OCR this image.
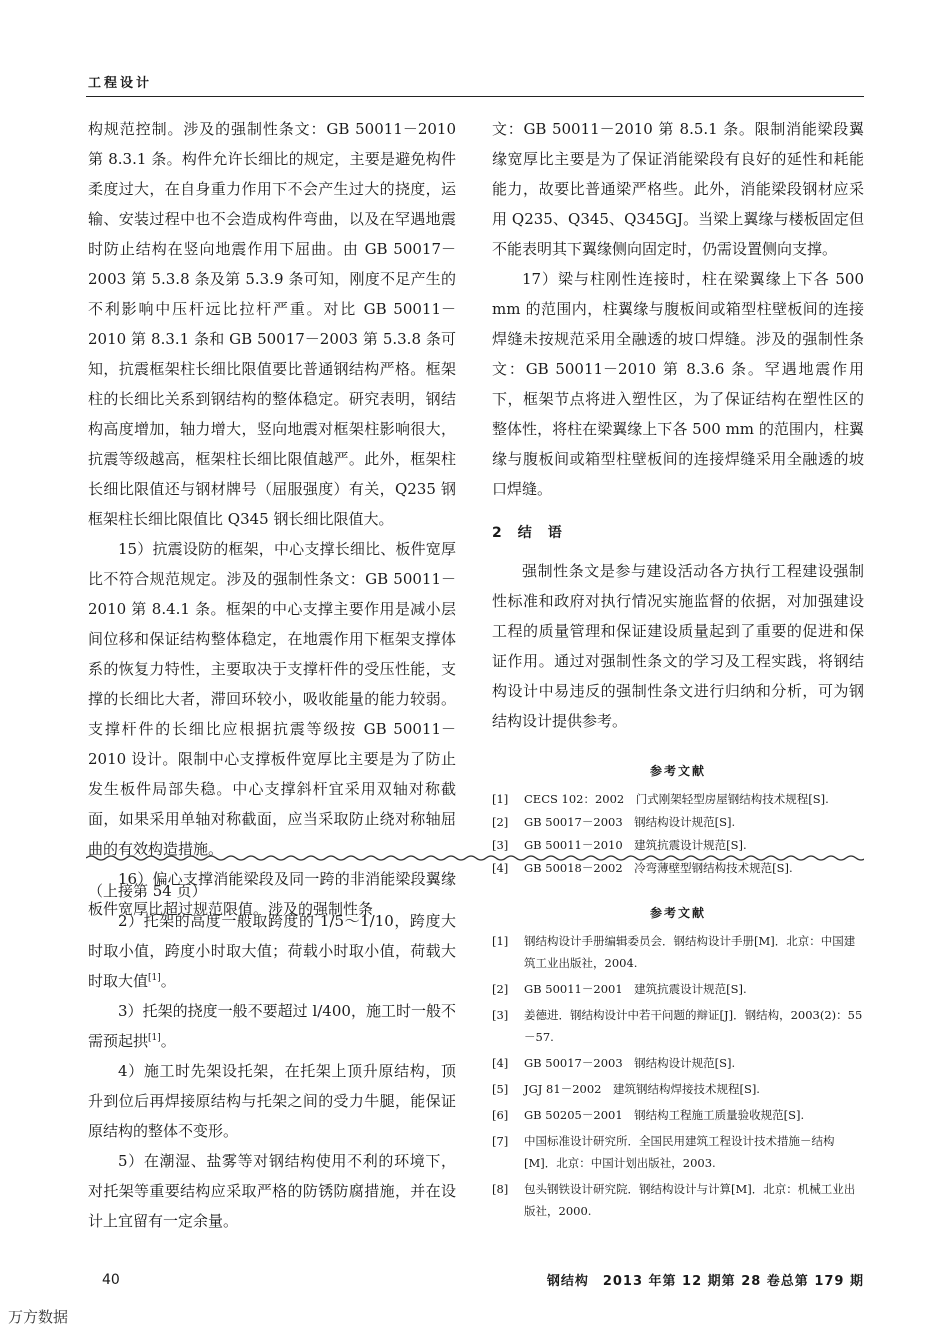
工程设计

构规范控制。涉及的强制性条文：GB 50011－2010第 8.3.1 条。构件允许长细比的规定，主要是避免构件柔度过大，在自身重力作用下不会产生过大的挠度，运输、安装过程中也不会造成构件弯曲，以及在罕遇地震时防止结构在竖向地震作用下屈曲。由 GB 50017－2003 第 5.3.8 条及第 5.3.9 条可知，刚度不足产生的不利影响中压杆远比拉杆严重。对比 GB 50011－2010 第 8.3.1 条和 GB 50017－2003 第 5.3.8 条可知，抗震框架柱长细比限值要比普通钢结构严格。框架柱的长细比关系到钢结构的整体稳定。研究表明，钢结构高度增加，轴力增大，竖向地震对框架柱影响很大，抗震等级越高，框架柱长细比限值越严。此外，框架柱长细比限值还与钢材牌号（屈服强度）有关，Q235 钢框架柱长细比限值比 Q345 钢长细比限值大。

15）抗震设防的框架，中心支撑长细比、板件宽厚比不符合规范规定。涉及的强制性条文：GB 50011－2010 第 8.4.1 条。框架的中心支撑主要作用是减小层间位移和保证结构整体稳定，在地震作用下框架支撑体系的恢复力特性，主要取决于支撑杆件的受压性能，支撑的长细比大者，滞回环较小，吸收能量的能力较弱。支撑杆件的长细比应根据抗震等级按 GB 50011－2010 设计。限制中心支撑板件宽厚比主要是为了防止发生板件局部失稳。中心支撑斜杆宜采用双轴对称截面，如果采用单轴对称截面，应当采取防止绕对称轴屈曲的有效构造措施。

16）偏心支撑消能梁段及同一跨的非消能梁段翼缘板件宽厚比超过规范限值。涉及的强制性条

文：GB 50011－2010 第 8.5.1 条。限制消能梁段翼缘宽厚比主要是为了保证消能梁段有良好的延性和耗能能力，故要比普通梁严格些。此外，消能梁段钢材应采用 Q235、Q345、Q345GJ。当梁上翼缘与楼板固定但不能表明其下翼缘侧向固定时，仍需设置侧向支撑。

17）梁与柱刚性连接时，柱在梁翼缘上下各 500 mm 的范围内，柱翼缘与腹板间或箱型柱壁板间的连接焊缝未按规范采用全融透的坡口焊缝。涉及的强制性条文：GB 50011－2010 第 8.3.6 条。罕遇地震作用下，框架节点将进入塑性区，为了保证结构在塑性区的整体性，将柱在梁翼缘上下各 500 mm 的范围内，柱翼缘与腹板间或箱型柱壁板间的连接焊缝采用全融透的坡口焊缝。

2　结　语

强制性条文是参与建设活动各方执行工程建设强制性标准和政府对执行情况实施监督的依据，对加强建设工程的质量管理和保证建设质量起到了重要的促进和保证作用。通过对强制性条文的学习及工程实践，将钢结构设计中易违反的强制性条文进行归纳和分析，可为钢结构设计提供参考。

参考文献

[1]	CECS 102：2002　门式刚架轻型房屋钢结构技术规程[S].
[2]	GB 50017－2003　钢结构设计规范[S].
[3]	GB 50011－2010　建筑抗震设计规范[S].
[4]	GB 50018－2002　冷弯薄壁型钢结构技术规范[S].

（上接第 54 页）

2）托架的高度一般取跨度的 1/5～1/10，跨度大时取小值，跨度小时取大值；荷载小时取小值，荷载大时取大值[1]。

3）托架的挠度一般不要超过 l/400，施工时一般不需预起拱[1]。

4）施工时先架设托架，在托架上顶升原结构，顶升到位后再焊接原结构与托架之间的受力牛腿，能保证原结构的整体不变形。

5）在潮湿、盐雾等对钢结构使用不利的环境下，对托架等重要结构应采取严格的防锈防腐措施，并在设计上宜留有一定余量。

参考文献

[1]	钢结构设计手册编辑委员会．钢结构设计手册[M]．北京：中国建筑工业出版社，2004.
[2]	GB 50011－2001　建筑抗震设计规范[S].
[3]	姜德进．钢结构设计中若干问题的辩证[J]．钢结构，2003(2)：55－57.
[4]	GB 50017－2003　钢结构设计规范[S].
[5]	JGJ 81－2002　建筑钢结构焊接技术规程[S].
[6]	GB 50205－2001　钢结构工程施工质量验收规范[S].
[7]	中国标准设计研究所．全国民用建筑工程设计技术措施－结构[M]．北京：中国计划出版社，2003.
[8]	包头钢铁设计研究院．钢结构设计与计算[M]．北京：机械工业出版社，2000.
40	钢结构　2013 年第 12 期第 28 卷总第 179 期
万方数据
